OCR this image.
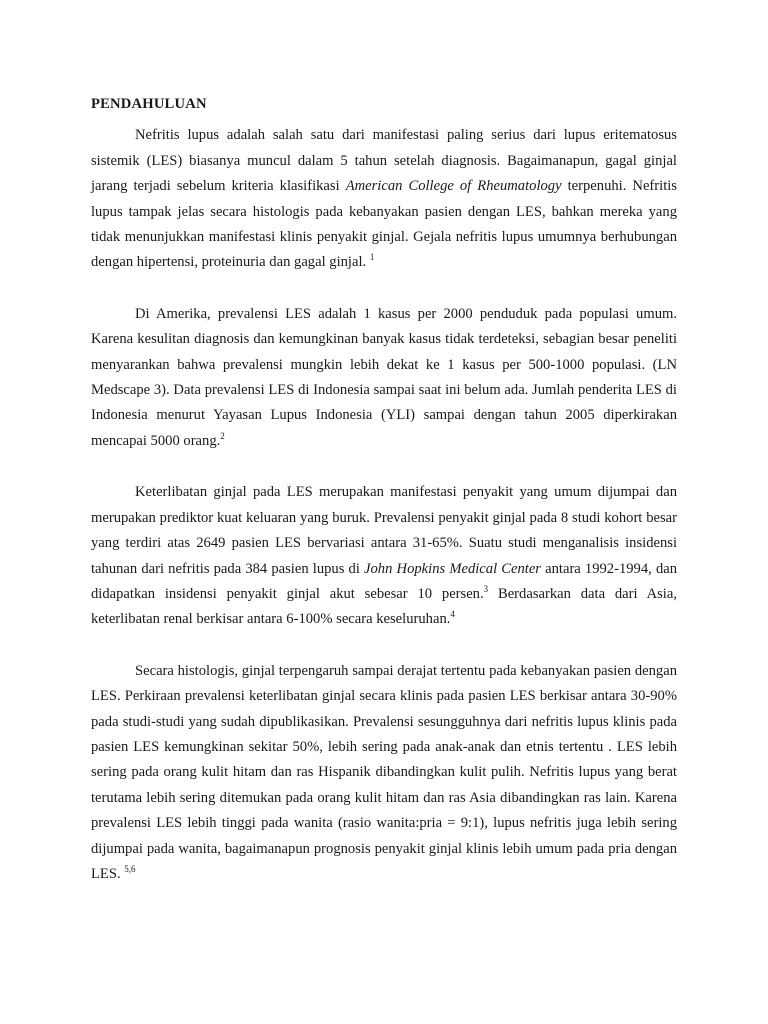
PENDAHULUAN

Nefritis lupus adalah salah satu dari manifestasi paling serius dari lupus eritematosus sistemik (LES) biasanya muncul dalam 5 tahun setelah diagnosis. Bagaimanapun, gagal ginjal jarang terjadi sebelum kriteria klasifikasi American College of Rheumatology terpenuhi. Nefritis lupus tampak jelas secara histologis pada kebanyakan pasien dengan LES, bahkan mereka yang tidak menunjukkan manifestasi klinis penyakit ginjal. Gejala nefritis lupus umumnya berhubungan dengan hipertensi, proteinuria dan gagal ginjal. $^1$

Di Amerika, prevalensi LES adalah 1 kasus per 2000 penduduk pada populasi umum. Karena kesulitan diagnosis dan kemungkinan banyak kasus tidak terdeteksi, sebagian besar peneliti menyarankan bahwa prevalensi mungkin lebih dekat ke 1 kasus per 500-1000 populasi. (LN Medscape 3). Data prevalensi LES di Indonesia sampai saat ini belum ada. Jumlah penderita LES di Indonesia menurut Yayasan Lupus Indonesia (YLI) sampai dengan tahun 2005 diperkirakan mencapai 5000 orang.$^2$

Keterlibatan ginjal pada LES merupakan manifestasi penyakit yang umum dijumpai dan merupakan prediktor kuat keluaran yang buruk. Prevalensi penyakit ginjal pada 8 studi kohort besar yang terdiri atas 2649 pasien LES bervariasi antara 31-65%. Suatu studi menganalisis insidensi tahunan dari nefritis pada 384 pasien lupus di John Hopkins Medical Center antara 1992-1994, dan didapatkan insidensi penyakit ginjal akut sebesar 10 persen.$^3$ Berdasarkan data dari Asia, keterlibatan renal berkisar antara 6-100% secara keseluruhan.$^4$

Secara histologis, ginjal terpengaruh sampai derajat tertentu pada kebanyakan pasien dengan LES. Perkiraan prevalensi keterlibatan ginjal secara klinis pada pasien LES berkisar antara 30-90% pada studi-studi yang sudah dipublikasikan. Prevalensi sesungguhnya dari nefritis lupus klinis pada pasien LES kemungkinan sekitar 50%, lebih sering pada anak-anak dan etnis tertentu . LES lebih sering pada orang kulit hitam dan ras Hispanik dibandingkan kulit pulih. Nefritis lupus yang berat terutama lebih sering ditemukan pada orang kulit hitam dan ras Asia dibandingkan ras lain. Karena prevalensi LES lebih tinggi pada wanita (rasio wanita:pria = 9:1), lupus nefritis juga lebih sering dijumpai pada wanita, bagaimanapun prognosis penyakit ginjal klinis lebih umum pada pria dengan LES. $^{5,6}$
